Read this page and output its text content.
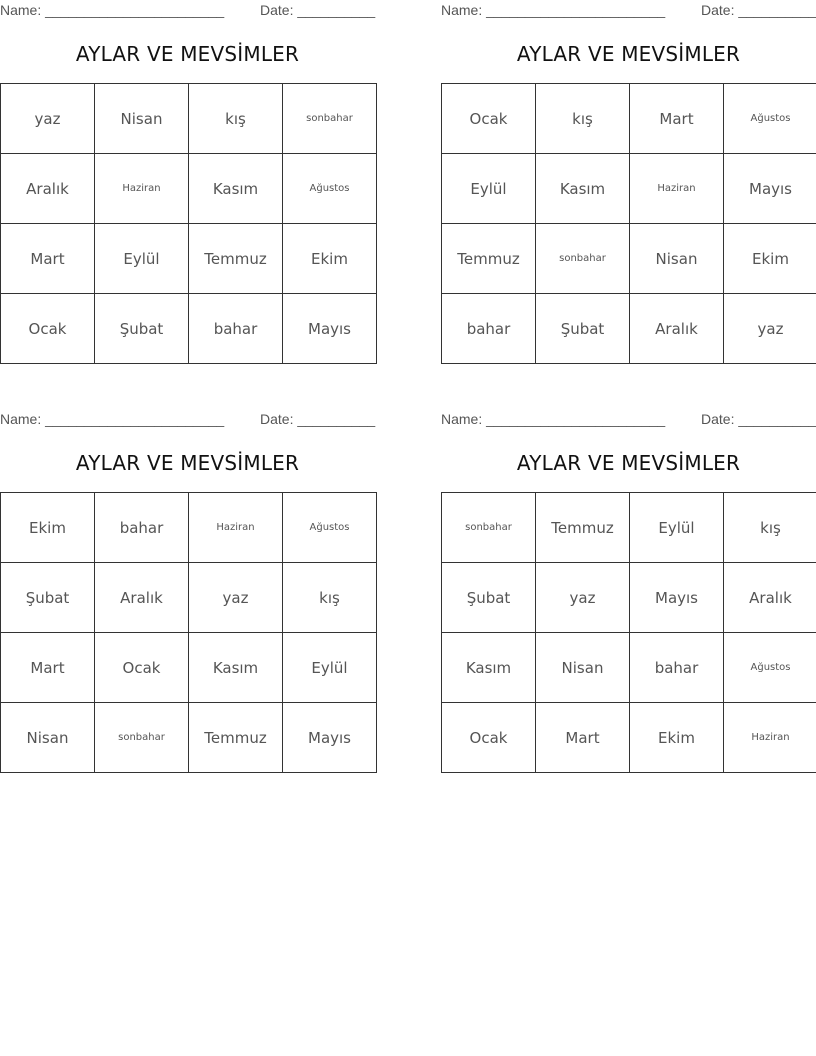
Name: _______________________	Date: __________
AYLAR VE MEVSİMLER
yaz	Nisan	kış	sonbahar
Aralık	Haziran	Kasım	Ağustos
Mart	Eylül	Temmuz	Ekim
Ocak	Şubat	bahar	Mayıs
Name: _______________________	Date: __________
AYLAR VE MEVSİMLER
Ocak	kış	Mart	Ağustos
Eylül	Kasım	Haziran	Mayıs
Temmuz	sonbahar	Nisan	Ekim
bahar	Şubat	Aralık	yaz
Name: _______________________	Date: __________
AYLAR VE MEVSİMLER
Ekim	bahar	Haziran	Ağustos
Şubat	Aralık	yaz	kış
Mart	Ocak	Kasım	Eylül
Nisan	sonbahar	Temmuz	Mayıs
Name: _______________________	Date: __________
AYLAR VE MEVSİMLER
sonbahar	Temmuz	Eylül	kış
Şubat	yaz	Mayıs	Aralık
Kasım	Nisan	bahar	Ağustos
Ocak	Mart	Ekim	Haziran
